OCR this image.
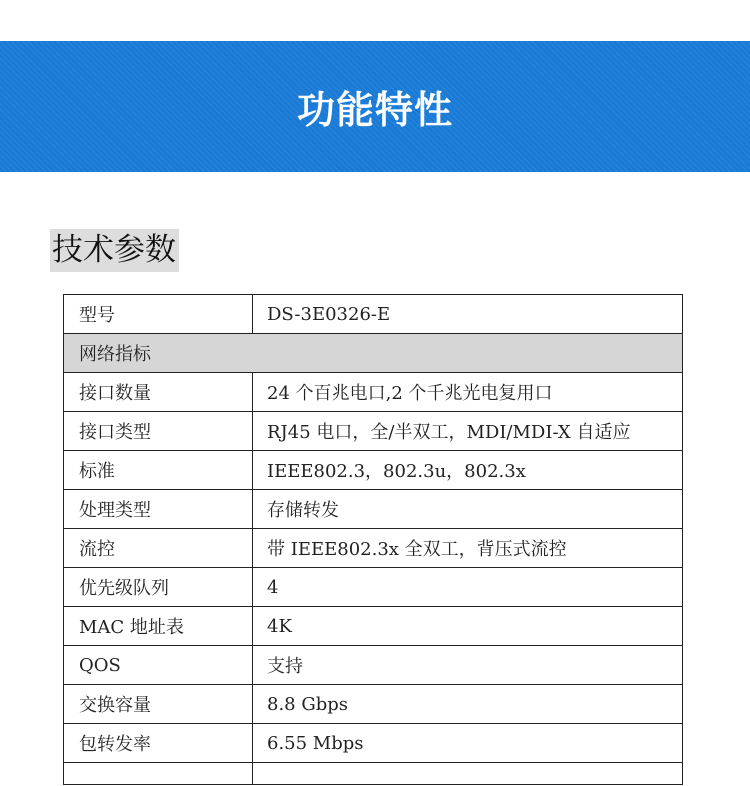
功能特性
技术参数
型号	DS-3E0326-E
网络指标	
接口数量	24 个百兆电口,2 个千兆光电复用口
接口类型	RJ45 电口，全/半双工，MDI/MDI-X 自适应
标准	IEEE802.3，802.3u，802.3x
处理类型	存储转发
流控	带 IEEE802.3x 全双工，背压式流控
优先级队列	4
MAC 地址表	4K
QOS	支持
交换容量	8.8 Gbps
包转发率	6.55 Mbps
